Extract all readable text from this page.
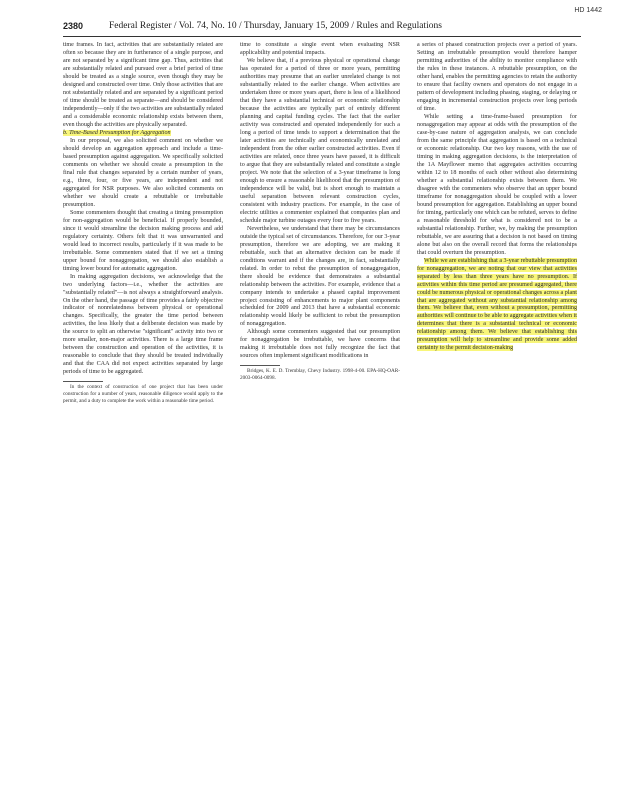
HD 1442
2380	Federal Register / Vol. 74, No. 10 / Thursday, January 15, 2009 / Rules and Regulations

time frames. In fact, activities that are substantially related are often so because they are in furtherance of a single purpose, and are not separated by a significant time gap. Thus, activities that are substantially related and pursued over a brief period of time should be treated as a single source, even though they may be designed and constructed over time. Only those activities that are not substantially related and are separated by a significant period of time should be treated as separate—and should be considered independently—only if the two activities are substantially related and a considerable economic relationship exists between them, even though the activities are physically separated.

b. Time-Based Presumption for Aggregation

In our proposal, we also solicited comment on whether we should develop an aggregation approach and include a time-based presumption against aggregation. We specifically solicited comments on whether we should create a presumption in the final rule that changes separated by a certain number of years, e.g., three, four, or five years, are independent and not aggregated for NSR purposes. We also solicited comments on whether we should create a rebuttable or irrebuttable presumption.

Some commenters thought that creating a timing presumption for non-aggregation would be beneficial. If properly bounded, since it would streamline the decision making process and add regulatory certainty. Others felt that it was unwarranted and would lead to incorrect results, particularly if it was made to be irrebuttable. Some commenters stated that if we set a timing upper bound for nonaggregation, we should also establish a timing lower bound for automatic aggregation.

In making aggregation decisions, we acknowledge that the two underlying factors—i.e., whether the activities are "substantially related"—is not always a straightforward analysis. On the other hand, the passage of time provides a fairly objective indicator of nonrelatedness between physical or operational changes. Specifically, the greater the time period between activities, the less likely that a deliberate decision was made by the source to split an otherwise "significant" activity into two or more smaller, non-major activities. There is a large time frame between the construction and operation of the activities, it is reasonable to conclude that they should be treated individually and that the CAA did not expect activities separated by large periods of time to be aggregated.

In the context of construction of one project that has been under construction for a number of years, reasonable diligence would apply to the permit, and a duty to complete the work within a reasonable time period.

time to constitute a single event when evaluating NSR applicability and potential impacts.

We believe that, if a previous physical or operational change has operated for a period of three or more years, permitting authorities may presume that an earlier unrelated change is not substantially related to the earlier change. When activities are undertaken three or more years apart, there is less of a likelihood that they have a substantial technical or economic relationship because the activities are typically part of entirely different planning and capital funding cycles. The fact that the earlier activity was constructed and operated independently for such a long a period of time tends to support a determination that the later activities are technically and economically unrelated and independent from the other earlier constructed activities. Even if activities are related, once three years have passed, it is difficult to argue that they are substantially related and constitute a single project. We note that the selection of a 3-year timeframe is long enough to ensure a reasonable likelihood that the presumption of independence will be valid, but is short enough to maintain a useful separation between relevant construction cycles, consistent with industry practices. For example, in the case of electric utilities a commenter explained that companies plan and schedule major turbine outages every four to five years.

Nevertheless, we understand that there may be circumstances outside the typical set of circumstances. Therefore, for our 3-year presumption, therefore we are adopting, we are making it rebuttable, such that an alternative decision can be made if conditions warrant and if the changes are, in fact, substantially related. In order to rebut the presumption of nonaggregation, there should be evidence that demonstrates a substantial relationship between the activities. For example, evidence that a company intends to undertake a phased capital improvement project consisting of enhancements to major plant components scheduled for 2009 and 2013 that have a substantial economic relationship would likely be sufficient to rebut the presumption of nonaggregation.

Although some commenters suggested that our presumption for nonaggregation be irrebuttable, we have concerns that making it irrebuttable does not fully recognize the fact that sources often implement significant modifications in

Bridges, K. E. D. Tremblay, Chevy Industry. 1998-4-00. EPA-HQ-OAR-2003-0064-0098.

a series of phased construction projects over a period of years. Setting an irrebuttable presumption would therefore hamper permitting authorities of the ability to monitor compliance with the rules in these instances. A rebuttable presumption, on the other hand, enables the permitting agencies to retain the authority to ensure that facility owners and operators do not engage in a pattern of development including phasing, staging, or delaying or engaging in incremental construction projects over long periods of time.

While setting a time-frame-based presumption for nonaggregation may appear at odds with the presumption of the case-by-case nature of aggregation analysis, we can conclude from the same principle that aggregation is based on a technical or economic relationship. Our two key reasons, with the use of timing in making aggregation decisions, is the interpretation of the 1A Mayflower memo that aggregates activities occurring within 12 to 18 months of each other without also determining whether a substantial relationship exists between them. We disagree with the commenters who observe that an upper bound timeframe for nonaggregation should be coupled with a lower bound presumption for aggregation. Establishing an upper bound for timing, particularly one which can be refuted, serves to define a reasonable threshold for what is considered not to be a substantial relationship. Further, we, by making the presumption rebuttable, we are assuring that a decision is not based on timing alone but also on the overall record that forms the relationships that could overturn the presumption.

While we are establishing that a 3-year rebuttable presumption for nonaggregation, we are noting that our view that activities separated by less than three years have no presumption. If activities within this time period are presumed aggregated, there could be numerous physical or operational changes across a plant that are aggregated without any substantial relationship among them. We believe that, even without a presumption, permitting authorities will continue to be able to aggregate activities when it determines that there is a substantial technical or economic relationship among them. We believe that establishing this presumption will help to streamline and provide some added certainty to the permit decision-making
